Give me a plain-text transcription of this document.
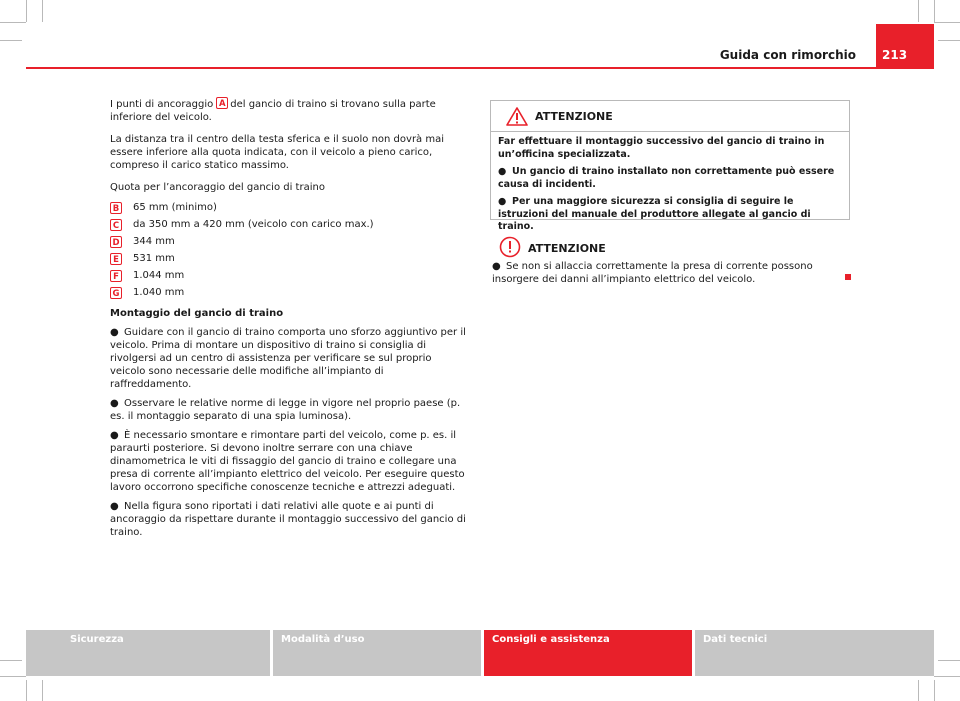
Guida con rimorchio 213

I punti di ancoraggio A del gancio di traino si trovano sulla parte inferiore del veicolo.

La distanza tra il centro della testa sferica e il suolo non dovrà mai essere inferiore alla quota indicata, con il veicolo a pieno carico, compreso il carico statico massimo.

Quota per l’ancoraggio del gancio di traino

B 65 mm (minimo)
C da 350 mm a 420 mm (veicolo con carico max.)
D 344 mm
E	531 mm
F	1.044 mm
G 1.040 mm

Montaggio del gancio di traino

● Guidare con il gancio di traino comporta uno sforzo aggiuntivo per il veicolo. Prima di montare un dispositivo di traino si consiglia di rivolgersi ad un centro di assistenza per verificare se sul proprio veicolo sono necessarie delle modifiche all’impianto di raffreddamento.

● Osservare le relative norme di legge in vigore nel proprio paese (p. es. il montaggio separato di una spia luminosa).

● È necessario smontare e rimontare parti del veicolo, come p. es. il paraurti posteriore. Si devono inoltre serrare con una chiave dinamometrica le viti di fissaggio del gancio di traino e collegare una presa di corrente all’impianto elettrico del veicolo. Per eseguire questo lavoro occorrono specifiche conoscenze tecniche e attrezzi adeguati.

● Nella figura sono riportati i dati relativi alle quote e ai punti di ancoraggio da rispettare durante il montaggio successivo del gancio di traino.

ATTENZIONE

Far effettuare il montaggio successivo del gancio di traino in un’officina specializzata.

● Un gancio di traino installato non correttamente può essere causa di incidenti.

● Per una maggiore sicurezza si consiglia di seguire le istruzioni del manuale del produttore allegate al gancio di traino.

ATTENZIONE
● Se non si allaccia correttamente la presa di corrente possono insorgere dei danni all’impianto elettrico del veicolo.
Sicurezza	Modalità d’uso	Consigli e assistenza	Dati tecnici
